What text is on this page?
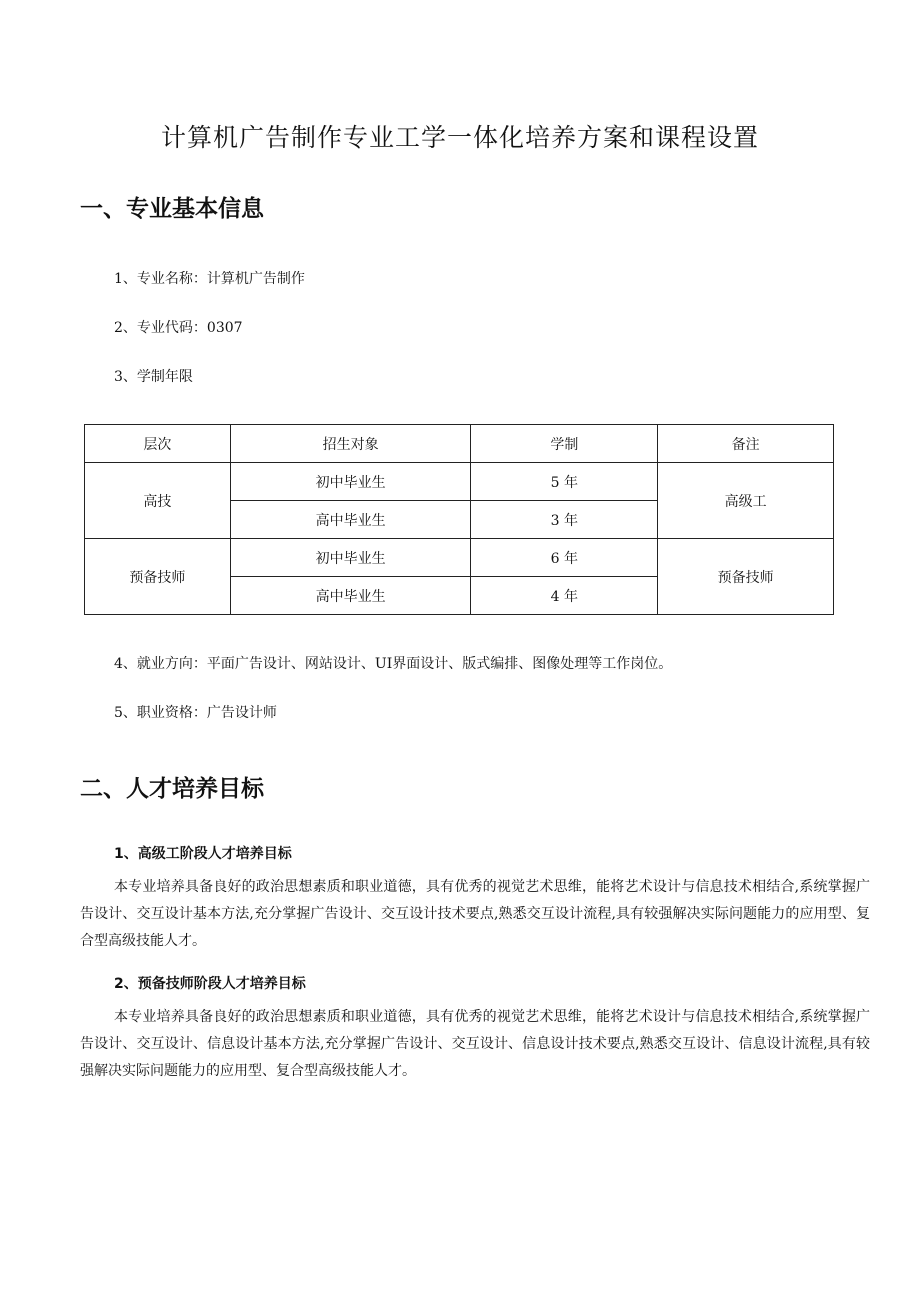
计算机广告制作专业工学一体化培养方案和课程设置
一、专业基本信息

1、专业名称：计算机广告制作

2、专业代码：0307

3、学制年限

层次	招生对象	学制	备注
高技	初中毕业生	5 年	高级工
	高中毕业生	3 年	
预备技师	初中毕业生	6 年	预备技师
	高中毕业生	4 年	

4、就业方向：平面广告设计、网站设计、UI界面设计、版式编排、图像处理等工作岗位。

5、职业资格：广告设计师

二、人才培养目标

1、高级工阶段人才培养目标

本专业培养具备良好的政治思想素质和职业道德，具有优秀的视觉艺术思维，能将艺术设计与信息技术相结合,系统掌握广告设计、交互设计基本方法,充分掌握广告设计、交互设计技术要点,熟悉交互设计流程,具有较强解决实际问题能力的应用型、复合型高级技能人才。

2、预备技师阶段人才培养目标

本专业培养具备良好的政治思想素质和职业道德，具有优秀的视觉艺术思维，能将艺术设计与信息技术相结合,系统掌握广告设计、交互设计、信息设计基本方法,充分掌握广告设计、交互设计、信息设计技术要点,熟悉交互设计、信息设计流程,具有较强解决实际问题能力的应用型、复合型高级技能人才。
